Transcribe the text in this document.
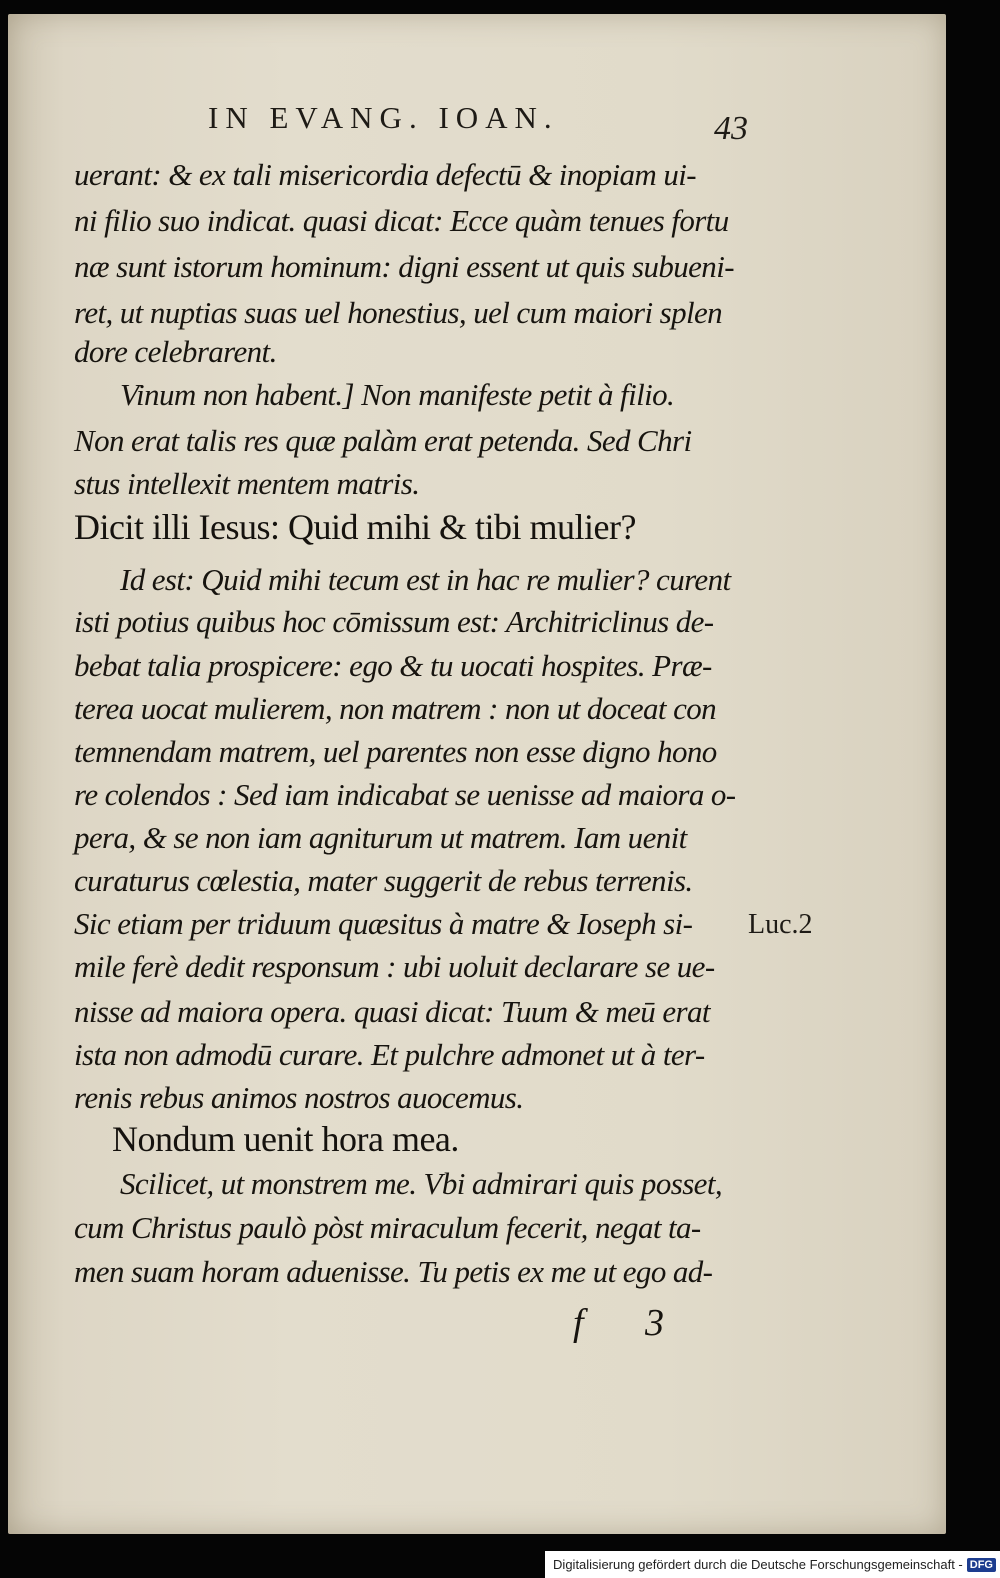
IN EVANG. IOAN.	43
uerant: & ex tali misericordia defectū & inopiam ui-
ni filio suo indicat. quasi dicat: Ecce quàm tenues fortu
næ sunt istorum hominum: digni essent ut quis subueni-
ret, ut nuptias suas uel honestius, uel cum maiori splen
dore celebrarent.
Vinum non habent.] Non manifeste petit à filio.
Non erat talis res quæ palàm erat petenda. Sed Chri
stus intellexit mentem matris.
Dicit illi Iesus: Quid mihi & tibi mulier?
Id est: Quid mihi tecum est in hac re mulier? curent
isti potius quibus hoc cōmissum est: Architriclinus de-
bebat talia prospicere: ego & tu uocati hospites. Præ-
terea uocat mulierem, non matrem : non ut doceat con
temnendam matrem, uel parentes non esse digno hono
re colendos : Sed iam indicabat se uenisse ad maiora o-
pera, & se non iam agniturum ut matrem. Iam uenit
curaturus cœlestia, mater suggerit de rebus terrenis.
Sic etiam per triduum quæsitus à matre & Ioseph si-
mile ferè dedit responsum : ubi uoluit declarare se ue-
nisse ad maiora opera. quasi dicat: Tuum & meū erat
ista non admodū curare. Et pulchre admonet ut à ter-
renis rebus animos nostros auocemus.
Nondum uenit hora mea.
Scilicet, ut monstrem me. Vbi admirari quis posset,
cum Christus paulò pòst miraculum fecerit, negat ta-
men suam horam aduenisse. Tu petis ex me ut ego ad-
Luc.2
f 3
Digitalisierung gefördert durch die Deutsche Forschungsgemeinschaft - DFG
